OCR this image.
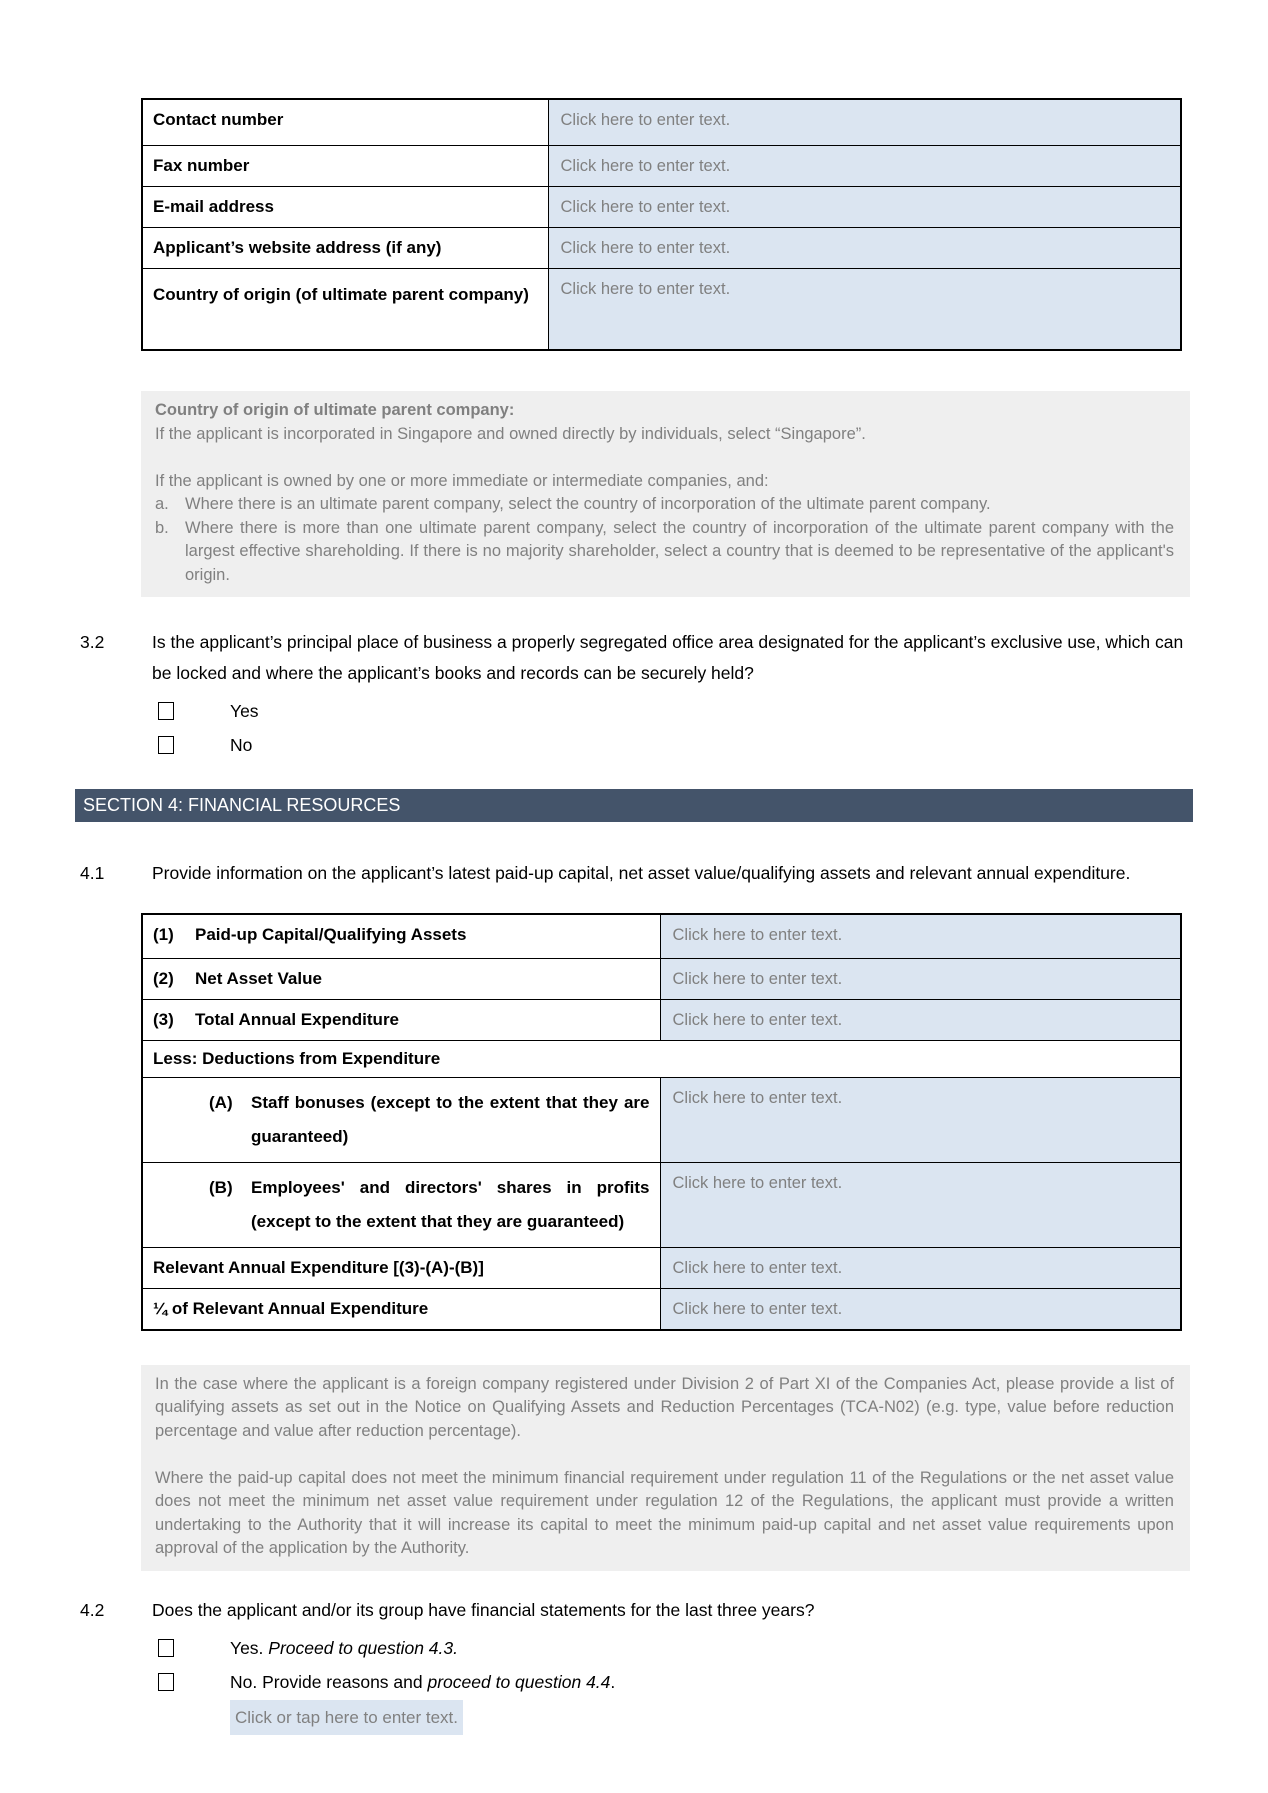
Contact number	Click here to enter text.
Fax number	Click here to enter text.
E-mail address	Click here to enter text.
Applicant’s website address (if any)	Click here to enter text.
Country of origin (of ultimate parent company)	Click here to enter text.
Country of origin of ultimate parent company:

If the applicant is incorporated in Singapore and owned directly by individuals, select “Singapore”.

If the applicant is owned by one or more immediate or intermediate companies, and:

a. Where there is an ultimate parent company, select the country of incorporation of the ultimate parent company.
b. Where there is more than one ultimate parent company, select the country of incorporation of the ultimate parent company with the largest effective shareholding. If there is no majority shareholder, select a country that is deemed to be representative of the applicant's origin.
3.2	Is the applicant’s principal place of business a properly segregated office area designated for the applicant’s exclusive use, which can be locked and where the applicant’s books and records can be securely held?

Yes
No
SECTION 4: FINANCIAL RESOURCES
4.1	Provide information on the applicant’s latest paid-up capital, net asset value/qualifying assets and relevant annual expenditure.

(1) Paid-up Capital/Qualifying Assets	Click here to enter text.

(2) Net Asset Value	Click here to enter text.

(3) Total Annual Expenditure	Click here to enter text.
Less: Deductions from Expenditure	

(A) Staff bonuses (except to the extent that they are guaranteed)	Click here to enter text.

(B) Employees' and directors' shares in profits (except to the extent that they are guaranteed)	Click here to enter text.
Relevant Annual Expenditure [(3)-(A)-(B)]	Click here to enter text.
¼ of Relevant Annual Expenditure	Click here to enter text.

In the case where the applicant is a foreign company registered under Division 2 of Part XI of the Companies Act, please provide a list of qualifying assets as set out in the Notice on Qualifying Assets and Reduction Percentages (TCA-N02) (e.g. type, value before reduction percentage and value after reduction percentage).

Where the paid-up capital does not meet the minimum financial requirement under regulation 11 of the Regulations or the net asset value does not meet the minimum net asset value requirement under regulation 12 of the Regulations, the applicant must provide a written undertaking to the Authority that it will increase its capital to meet the minimum paid-up capital and net asset value requirements upon approval of the application by the Authority.

4.2	Does the applicant and/or its group have financial statements for the last three years?

Yes. Proceed to question 4.3.
No. Provide reasons and proceed to question 4.4.
Click or tap here to enter text.
